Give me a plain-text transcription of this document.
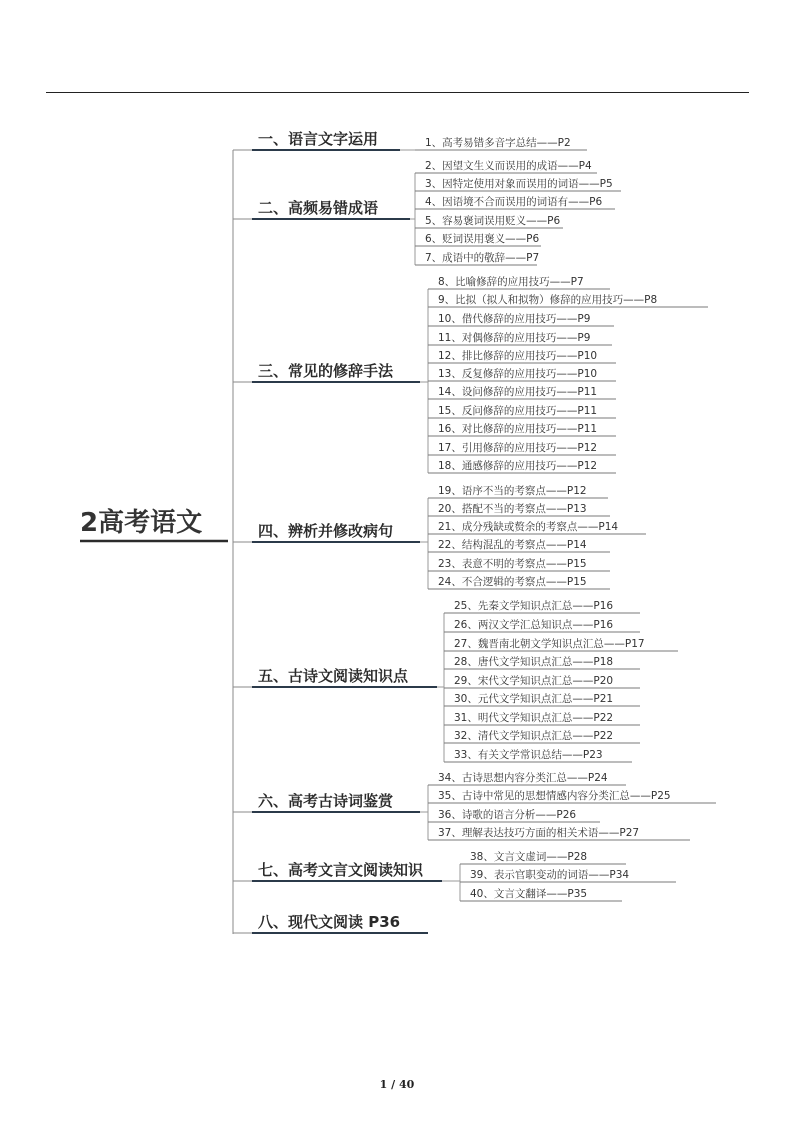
2高考语文
一、语言文字运用	1、高考易错多音字总结——P2
二、高频易错成语
2、因望文生义而误用的成语——P4
3、因特定使用对象而误用的词语——P5
4、因语境不合而误用的词语有——P6
5、容易褒词误用贬义——P6
6、贬词误用褒义——P6
7、成语中的敬辞——P7
三、常见的修辞手法
8、比喻修辞的应用技巧——P7
9、比拟（拟人和拟物）修辞的应用技巧——P8
10、借代修辞的应用技巧——P9
11、对偶修辞的应用技巧——P9
12、排比修辞的应用技巧——P10
13、反复修辞的应用技巧——P10
14、设问修辞的应用技巧——P11
15、反问修辞的应用技巧——P11
16、对比修辞的应用技巧——P11
17、引用修辞的应用技巧——P12
18、通感修辞的应用技巧——P12
四、辨析并修改病句
19、语序不当的考察点——P12
20、搭配不当的考察点——P13
21、成分残缺或赘余的考察点——P14
22、结构混乱的考察点——P14
23、表意不明的考察点——P15
24、不合逻辑的考察点——P15
五、古诗文阅读知识点
25、先秦文学知识点汇总——P16
26、两汉文学汇总知识点——P16
27、魏晋南北朝文学知识点汇总——P17
28、唐代文学知识点汇总——P18
29、宋代文学知识点汇总——P20
30、元代文学知识点汇总——P21
31、明代文学知识点汇总——P22
32、清代文学知识点汇总——P22
33、有关文学常识总结——P23
六、高考古诗词鉴赏
34、古诗思想内容分类汇总——P24
35、古诗中常见的思想情感内容分类汇总——P25
36、诗歌的语言分析——P26
37、理解表达技巧方面的相关术语——P27
七、高考文言文阅读知识
38、文言文虚词——P28
39、表示官职变动的词语——P34
40、文言文翻译——P35
八、现代文阅读 P36
1 / 40
